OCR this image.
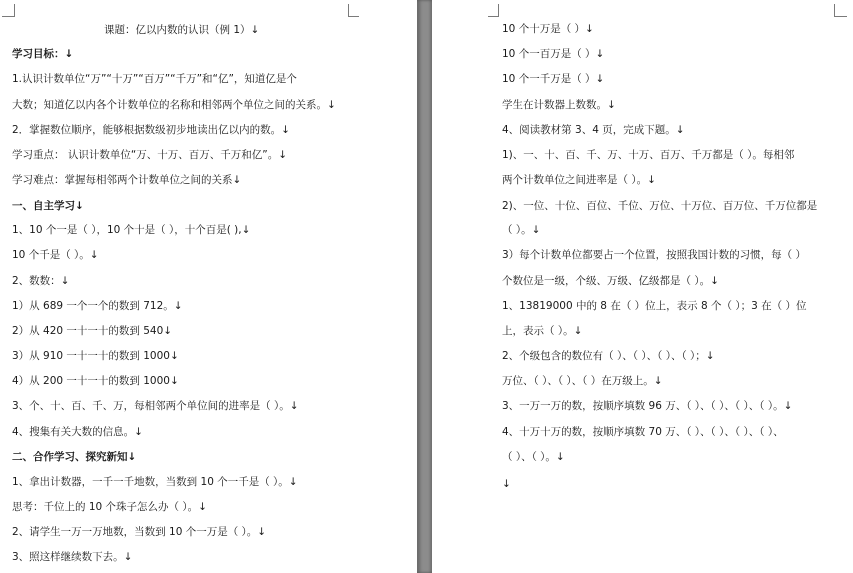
课题：亿以内数的认识（例 1）↓
学习目标：↓
1.认识计数单位“万”“十万”“百万”“千万”和“亿”，知道亿是个
大数；知道亿以内各个计数单位的名称和相邻两个单位之间的关系。↓
2．掌握数位顺序，能够根据数级初步地读出亿以内的数。↓
学习重点： 认识计数单位“万、十万、百万、千万和亿”。↓
学习难点：掌握每相邻两个计数单位之间的关系↓
一、自主学习↓
1、10 个一是（ ），10 个十是（ ），十个百是( ),↓
10 个千是（ ）。↓
2、数数：↓
1）从 689 一个一个的数到 712。↓
2）从 420 一十一十的数到 540↓
3）从 910 一十一十的数到 1000↓
4）从 200 一十一十的数到 1000↓
3、个、十、百、千、万，每相邻两个单位间的进率是（ ）。↓
4、搜集有关大数的信息。↓
二、合作学习、探究新知↓
1、拿出计数器，一千一千地数，当数到 10 个一千是（ ）。↓
思考：千位上的 10 个珠子怎么办（ ）。↓
2、请学生一万一万地数，当数到 10 个一万是（ ）。↓
3、照这样继续数下去。↓
10 个十万是（ ）↓
10 个一百万是（ ）↓
10 个一千万是（ ）↓
学生在计数器上数数。↓
4、阅读教材第 3、4 页，完成下题。↓
1)、一、十、百、千、万、十万、百万、千万都是（ ）。每相邻
两个计数单位之间进率是（ ）。↓
2)、一位、十位、百位、千位、万位、十万位、百万位、千万位都是
（ ）。↓
3）每个计数单位都要占一个位置，按照我国计数的习惯，每（ ）
个数位是一级，个级、万级、亿级都是（ ）。↓
1、13819000 中的 8 在（ ）位上，表示 8 个（ ）；3 在（ ）位
上，表示（ ）。↓
2、个级包含的数位有（ ）、（ ）、（ ）、（ ）；↓
万位、（ ）、（ ）、（ ）在万级上。↓
3、一万一万的数，按顺序填数 96 万、（ ）、（ ）、（ ）、（ ）。↓
4、十万十万的数，按顺序填数 70 万、（ ）、（ ）、（ ）、（ ）、
（ ）、（ ）。↓
↓
